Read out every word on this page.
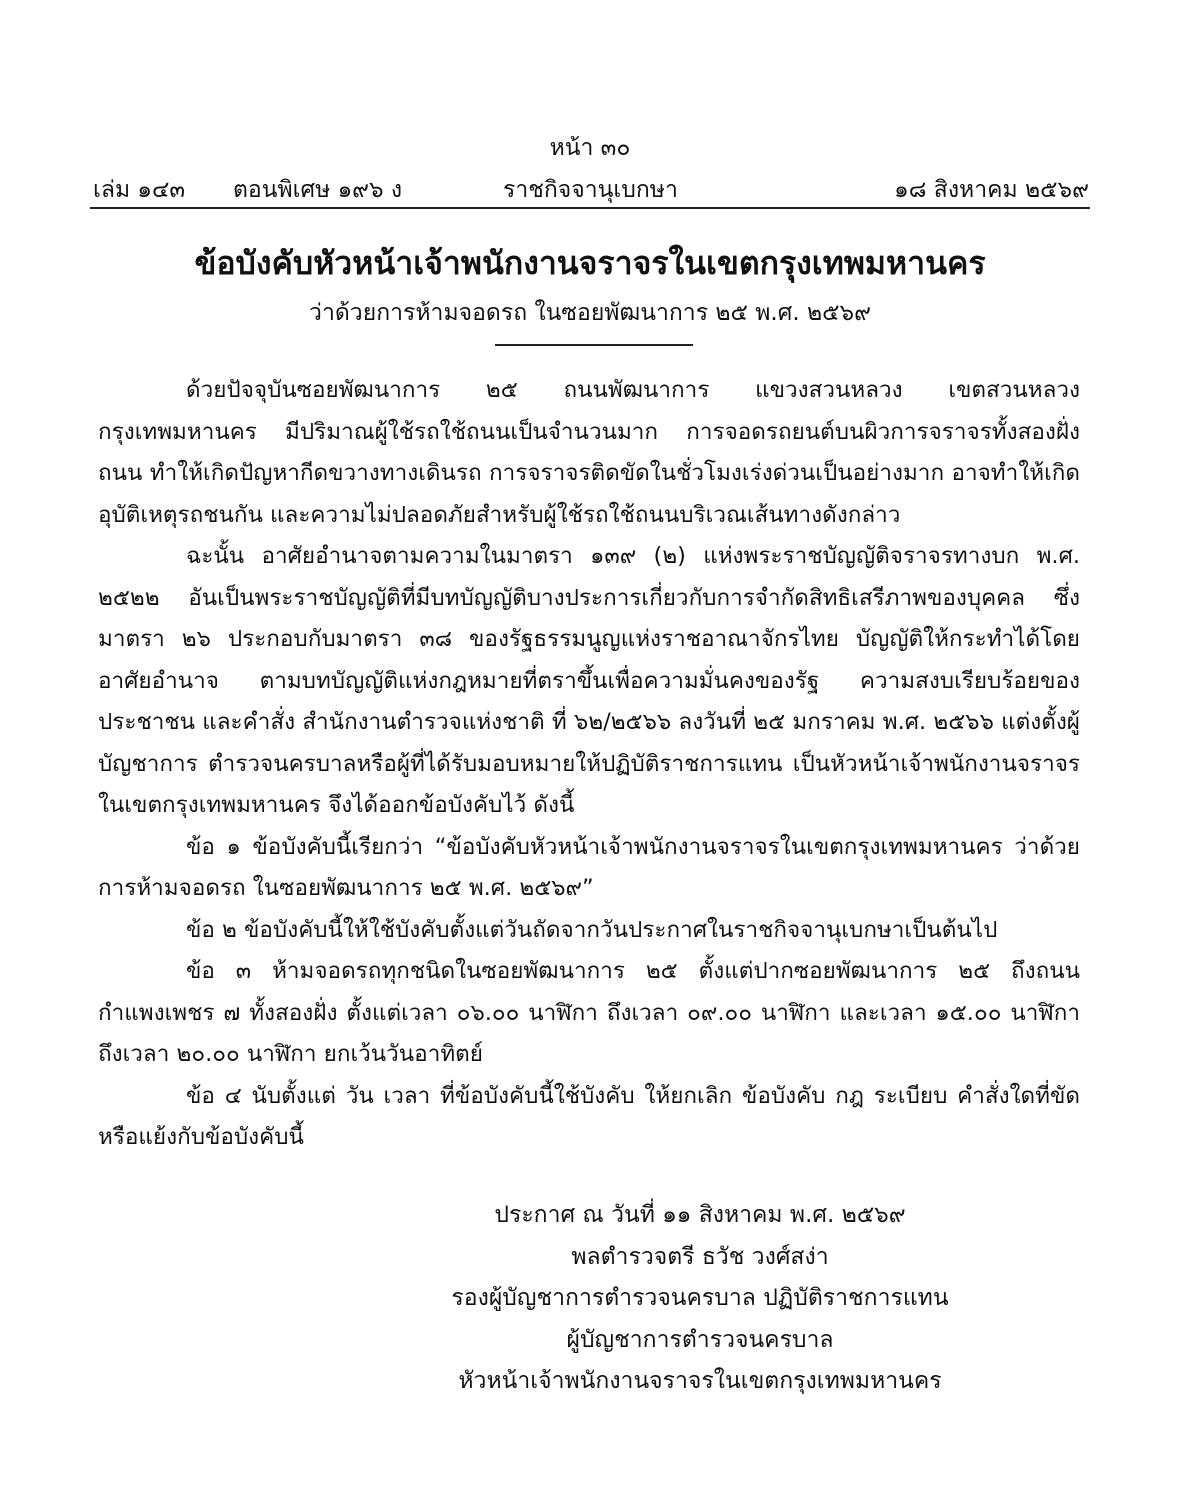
หน้า ๓๐
เล่ม ๑๔๓ ตอนพิเศษ ๑๙๖ ง	ราชกิจจานุเบกษา	๑๘ สิงหาคม ๒๕๖๙
ข้อบังคับหัวหน้าเจ้าพนักงานจราจรในเขตกรุงเทพมหานคร
ว่าด้วยการห้ามจอดรถ ในซอยพัฒนาการ ๒๕ พ.ศ. ๒๕๖๙

ด้วยปัจจุบันซอยพัฒนาการ ๒๕ ถนนพัฒนาการ แขวงสวนหลวง เขตสวนหลวง กรุงเทพมหานคร มีปริมาณผู้ใช้รถใช้ถนนเป็นจำนวนมาก การจอดรถยนต์บนผิวการจราจรทั้งสองฝั่งถนน ทำให้เกิดปัญหากีดขวางทางเดินรถ การจราจรติดขัดในชั่วโมงเร่งด่วนเป็นอย่างมาก อาจทำให้เกิด อุบัติเหตุรถชนกัน และความไม่ปลอดภัยสำหรับผู้ใช้รถใช้ถนนบริเวณเส้นทางดังกล่าว

ฉะนั้น อาศัยอำนาจตามความในมาตรา ๑๓๙ (๒) แห่งพระราชบัญญัติจราจรทางบก พ.ศ. ๒๕๒๒ อันเป็นพระราชบัญญัติที่มีบทบัญญัติบางประการเกี่ยวกับการจำกัดสิทธิเสรีภาพของบุคคล ซึ่งมาตรา ๒๖ ประกอบกับมาตรา ๓๘ ของรัฐธรรมนูญแห่งราชอาณาจักรไทย บัญญัติให้กระทำได้โดยอาศัยอำนาจ ตามบทบัญญัติแห่งกฎหมายที่ตราขึ้นเพื่อความมั่นคงของรัฐ ความสงบเรียบร้อยของประชาชน และคำสั่ง สำนักงานตำรวจแห่งชาติ ที่ ๖๒/๒๕๖๖ ลงวันที่ ๒๕ มกราคม พ.ศ. ๒๕๖๖ แต่งตั้งผู้บัญชาการ ตำรวจนครบาลหรือผู้ที่ได้รับมอบหมายให้ปฏิบัติราชการแทน เป็นหัวหน้าเจ้าพนักงานจราจร ในเขตกรุงเทพมหานคร จึงได้ออกข้อบังคับไว้ ดังนี้

ข้อ ๑ ข้อบังคับนี้เรียกว่า “ข้อบังคับหัวหน้าเจ้าพนักงานจราจรในเขตกรุงเทพมหานคร ว่าด้วยการห้ามจอดรถ ในซอยพัฒนาการ ๒๕ พ.ศ. ๒๕๖๙”

ข้อ ๒ ข้อบังคับนี้ให้ใช้บังคับตั้งแต่วันถัดจากวันประกาศในราชกิจจานุเบกษาเป็นต้นไป

ข้อ ๓ ห้ามจอดรถทุกชนิดในซอยพัฒนาการ ๒๕ ตั้งแต่ปากซอยพัฒนาการ ๒๕ ถึงถนนกำแพงเพชร ๗ ทั้งสองฝั่ง ตั้งแต่เวลา ๐๖.๐๐ นาฬิกา ถึงเวลา ๐๙.๐๐ นาฬิกา และเวลา ๑๕.๐๐ นาฬิกา ถึงเวลา ๒๐.๐๐ นาฬิกา ยกเว้นวันอาทิตย์

ข้อ ๔ นับตั้งแต่ วัน เวลา ที่ข้อบังคับนี้ใช้บังคับ ให้ยกเลิก ข้อบังคับ กฎ ระเบียบ คำสั่งใดที่ขัดหรือแย้งกับข้อบังคับนี้

ประกาศ ณ วันที่ ๑๑ สิงหาคม พ.ศ. ๒๕๖๙
พลตำรวจตรี ธวัช วงศ์สง่า
รองผู้บัญชาการตำรวจนครบาล ปฏิบัติราชการแทน
ผู้บัญชาการตำรวจนครบาล
หัวหน้าเจ้าพนักงานจราจรในเขตกรุงเทพมหานคร
